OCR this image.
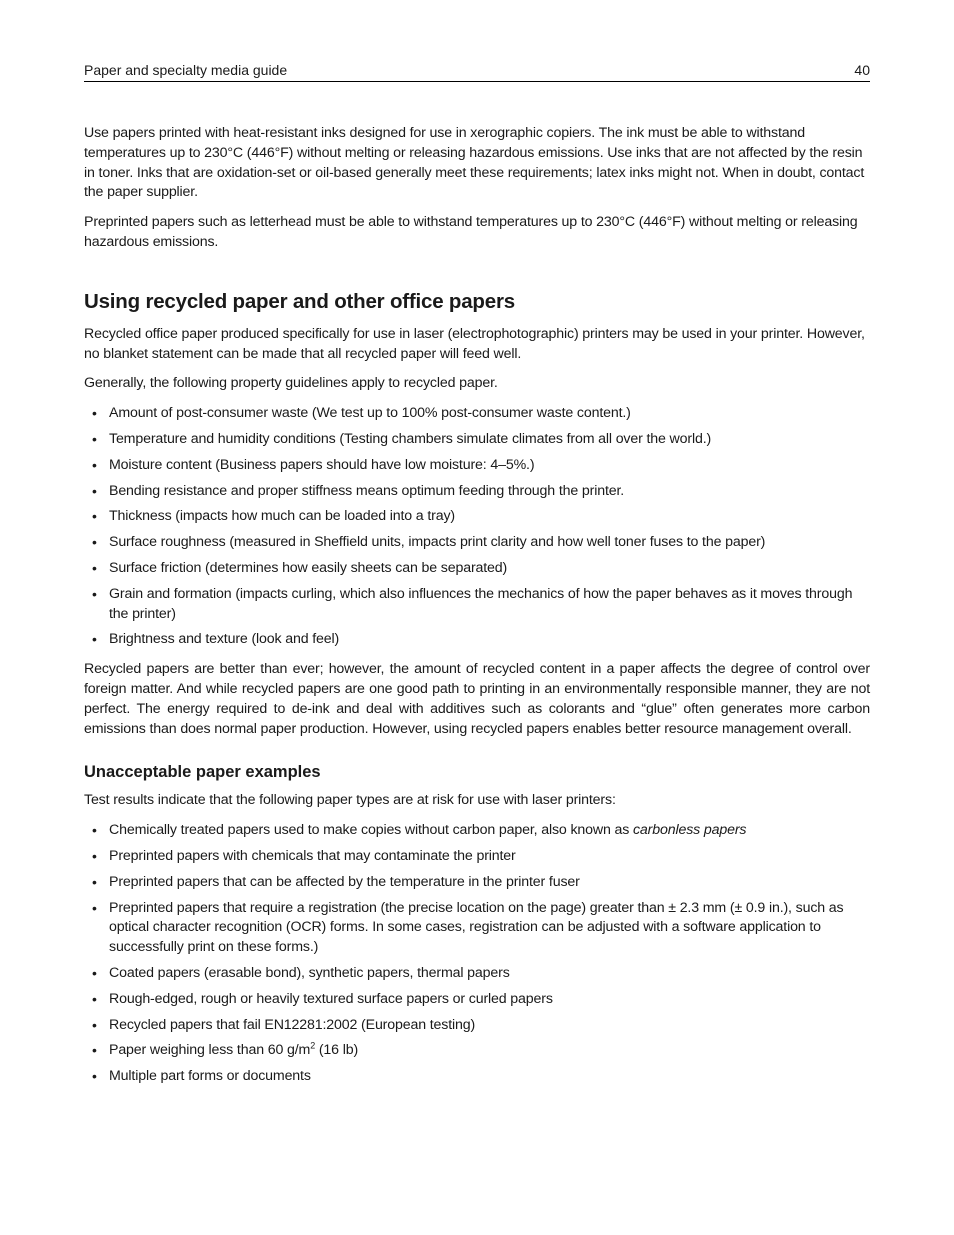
Paper and specialty media guide	40

Use papers printed with heat-resistant inks designed for use in xerographic copiers. The ink must be able to withstand temperatures up to 230°C (446°F) without melting or releasing hazardous emissions. Use inks that are not affected by the resin in toner. Inks that are oxidation-set or oil-based generally meet these requirements; latex inks might not. When in doubt, contact the paper supplier.

Preprinted papers such as letterhead must be able to withstand temperatures up to 230°C (446°F) without melting or releasing hazardous emissions.

Using recycled paper and other office papers

Recycled office paper produced specifically for use in laser (electrophotographic) printers may be used in your printer. However, no blanket statement can be made that all recycled paper will feed well.

Generally, the following property guidelines apply to recycled paper.

• Amount of post-consumer waste (We test up to 100% post-consumer waste content.)
• Temperature and humidity conditions (Testing chambers simulate climates from all over the world.)
• Moisture content (Business papers should have low moisture: 4–5%.)
• Bending resistance and proper stiffness means optimum feeding through the printer.
• Thickness (impacts how much can be loaded into a tray)
• Surface roughness (measured in Sheffield units, impacts print clarity and how well toner fuses to the paper)
• Surface friction (determines how easily sheets can be separated)
• Grain and formation (impacts curling, which also influences the mechanics of how the paper behaves as it moves through the printer)
• Brightness and texture (look and feel)

Recycled papers are better than ever; however, the amount of recycled content in a paper affects the degree of control over foreign matter. And while recycled papers are one good path to printing in an environmentally responsible manner, they are not perfect. The energy required to de-ink and deal with additives such as colorants and “glue” often generates more carbon emissions than does normal paper production. However, using recycled papers enables better resource management overall.

Unacceptable paper examples

Test results indicate that the following paper types are at risk for use with laser printers:

• Chemically treated papers used to make copies without carbon paper, also known as carbonless papers
• Preprinted papers with chemicals that may contaminate the printer
• Preprinted papers that can be affected by the temperature in the printer fuser
• Preprinted papers that require a registration (the precise location on the page) greater than ± 2.3 mm (± 0.9 in.), such as optical character recognition (OCR) forms. In some cases, registration can be adjusted with a software application to successfully print on these forms.)
• Coated papers (erasable bond), synthetic papers, thermal papers
• Rough-edged, rough or heavily textured surface papers or curled papers
• Recycled papers that fail EN12281:2002 (European testing)
• Paper weighing less than 60 $g/m^2$ (16 lb)
• Multiple part forms or documents
